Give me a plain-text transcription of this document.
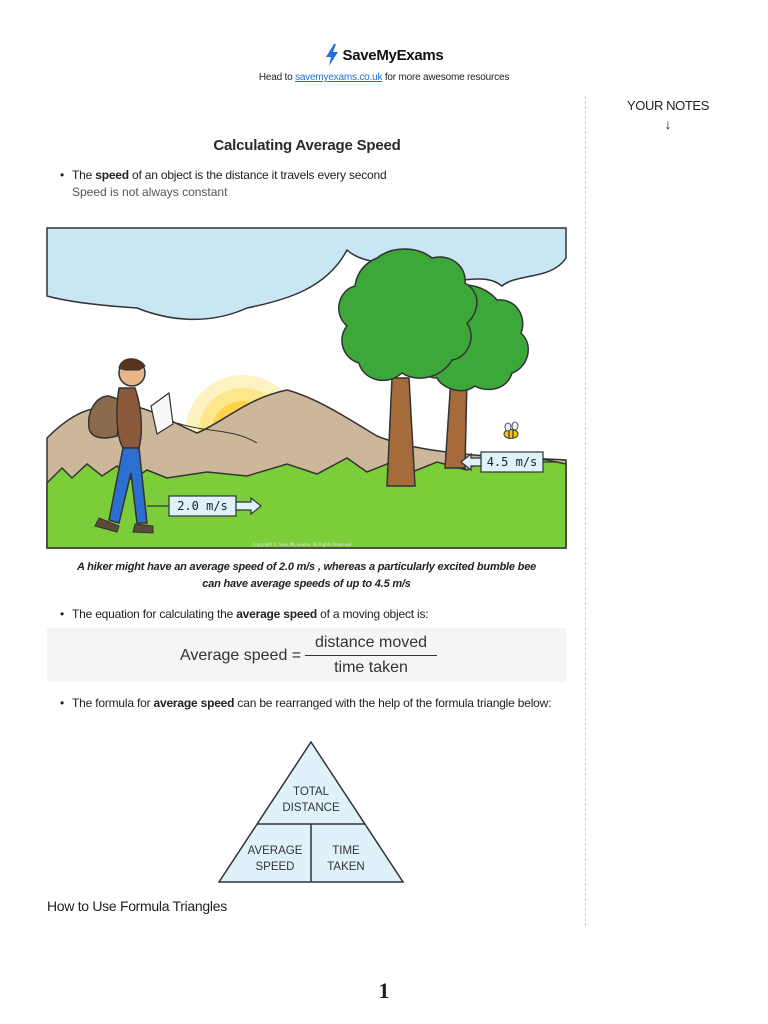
SaveMyExams
Head to savemyexams.co.uk for more awesome resources
YOUR NOTES
↓
Calculating Average Speed
• The speed of an object is the distance it travels every second
Speed is not always constant
2.0 m/s
4.5 m/s
Copyright © Save My Exams. All Rights Reserved
A hiker might have an average speed of 2.0 m/s , whereas a particularly excited bumble bee
can have average speeds of up to 4.5 m/s
• The equation for calculating the average speed of a moving object is:
Average speed =
distance moved
time taken
• The formula for average speed can be rearranged with the help of the formula triangle below:
TOTAL
DISTANCE
AVERAGE
SPEED
TIME
TAKEN
How to Use Formula Triangles
1
